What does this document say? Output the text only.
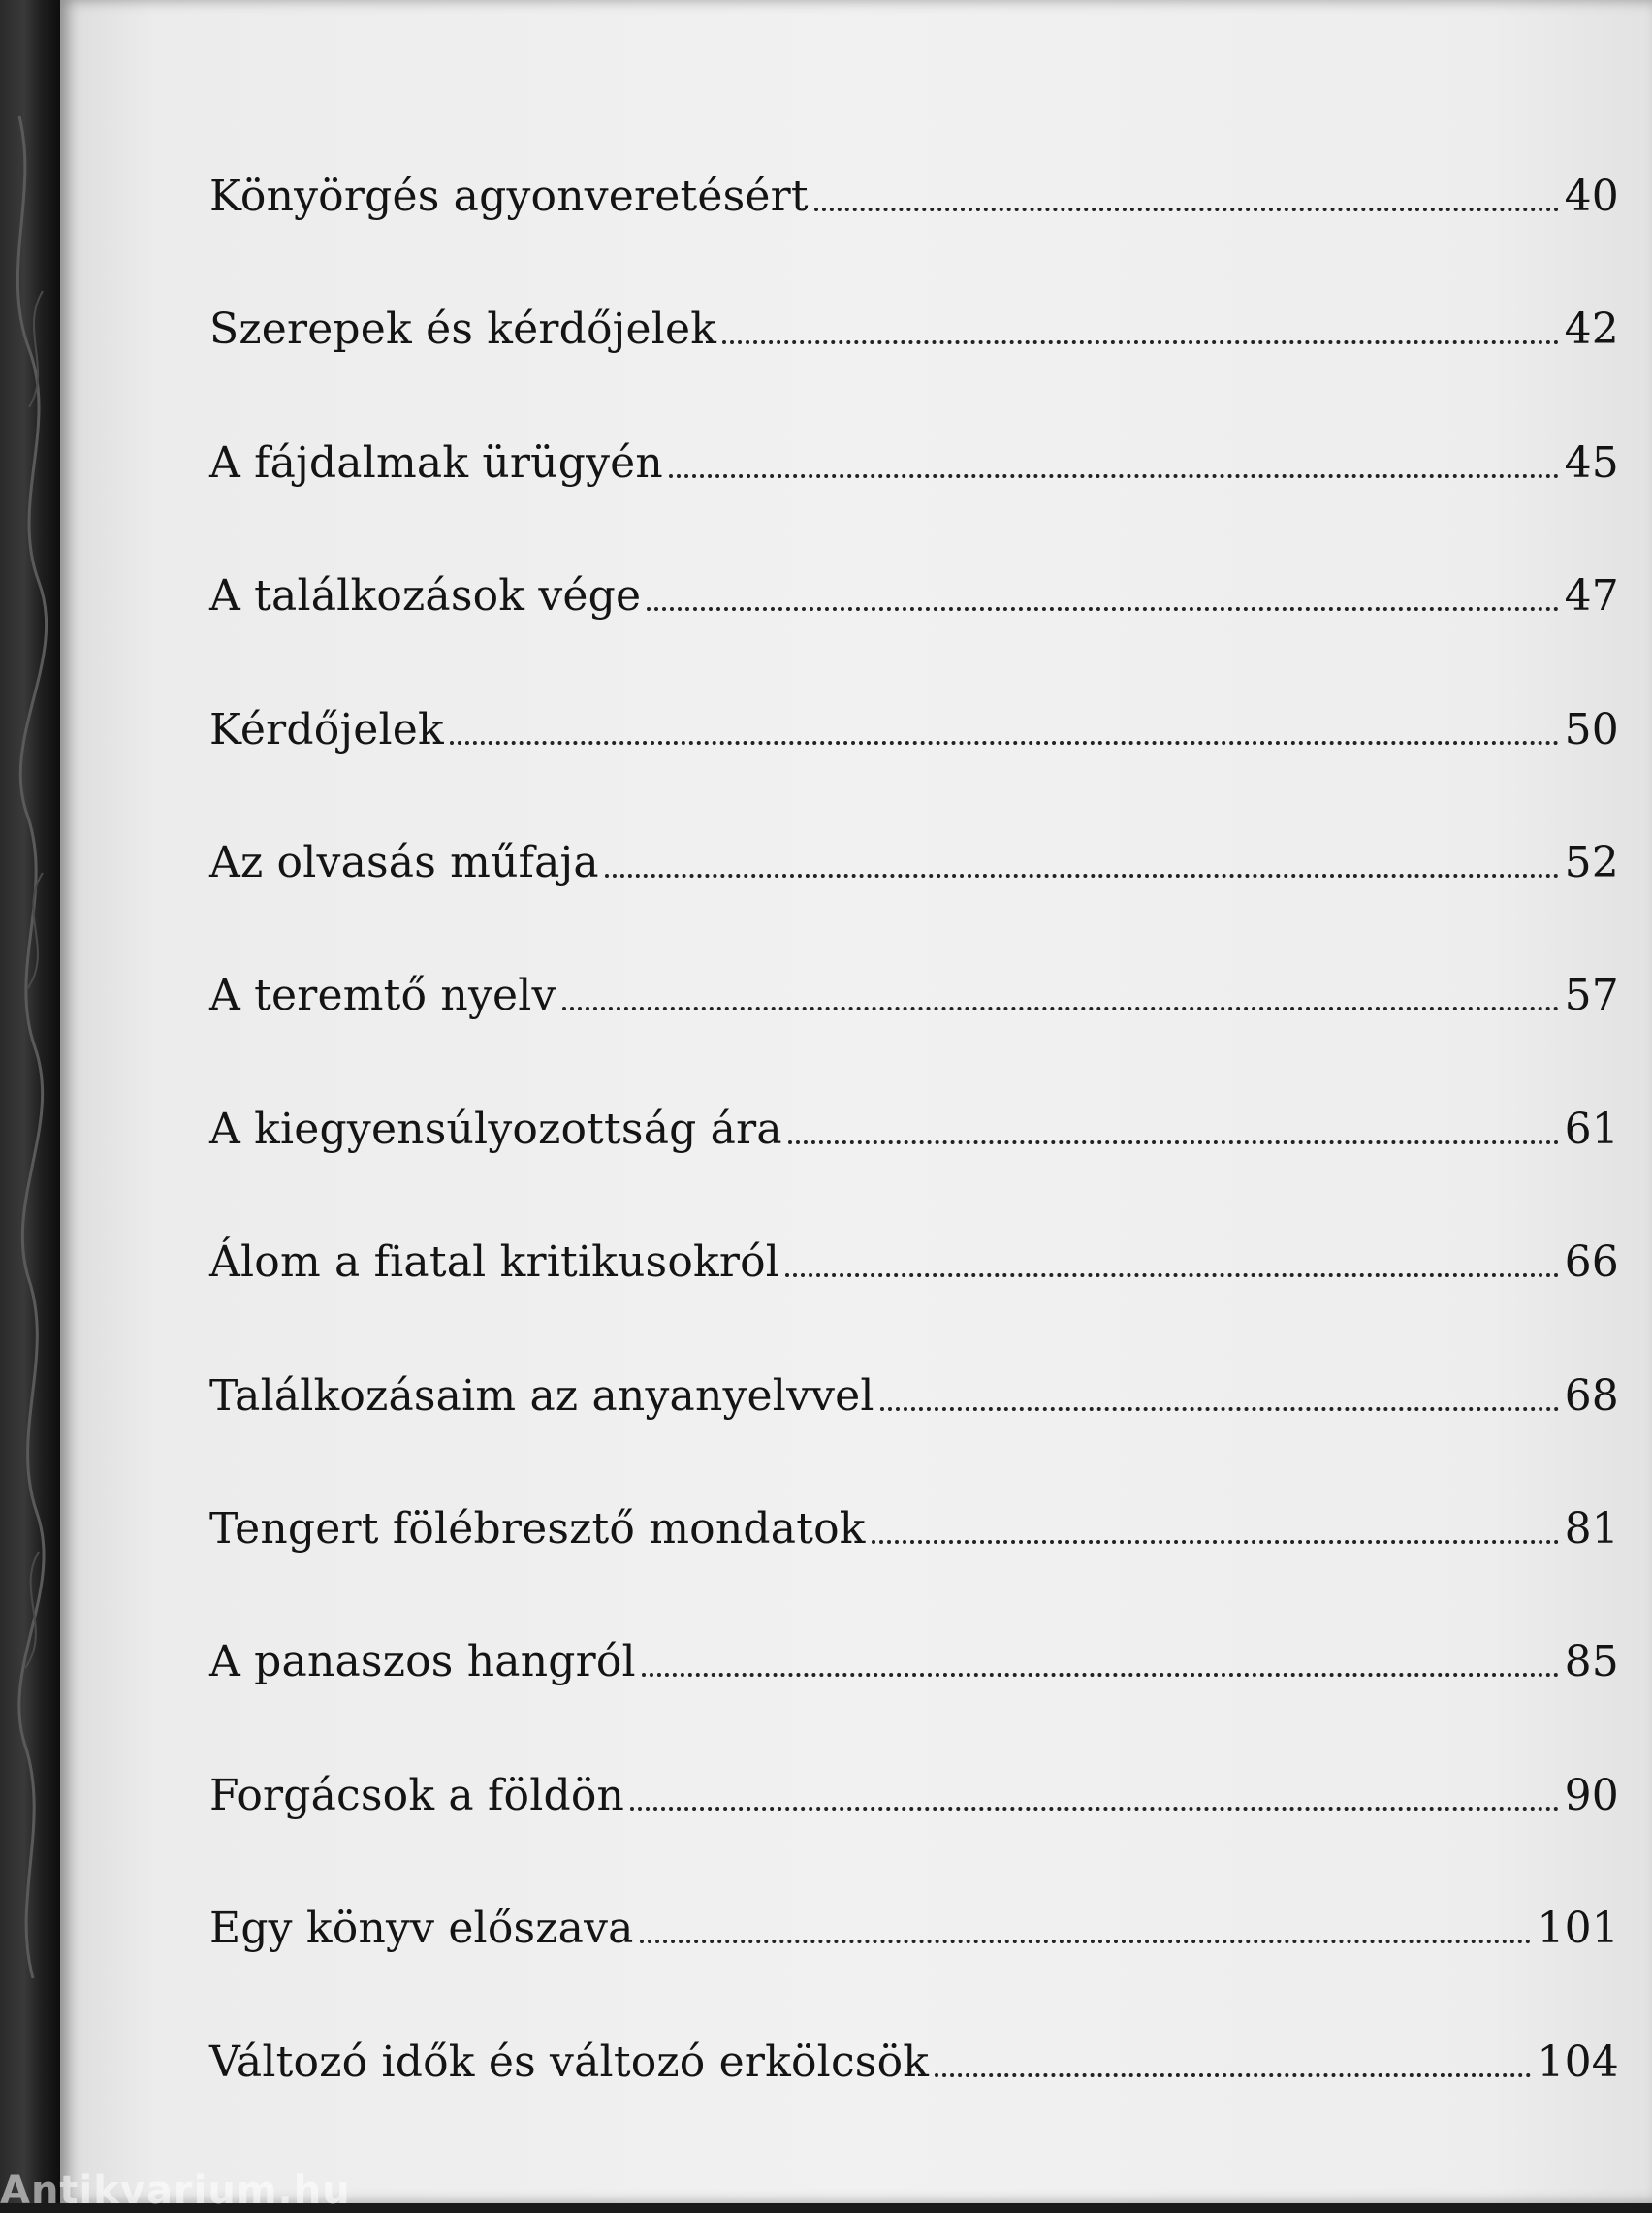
Könyörgés agyonveretésért	40
Szerepek és kérdőjelek	42
A fájdalmak ürügyén	45
A találkozások vége	47
Kérdőjelek	50
Az olvasás műfaja	52
A teremtő nyelv	57
A kiegyensúlyozottság ára	61
Álom a fiatal kritikusokról	66
Találkozásaim az anyanyelvvel	68
Tengert fölébresztő mondatok	81
A panaszos hangról	85
Forgácsok a földön	90
Egy könyv előszava	101
Változó idők és változó erkölcsök	104
Antikvarium.hu
